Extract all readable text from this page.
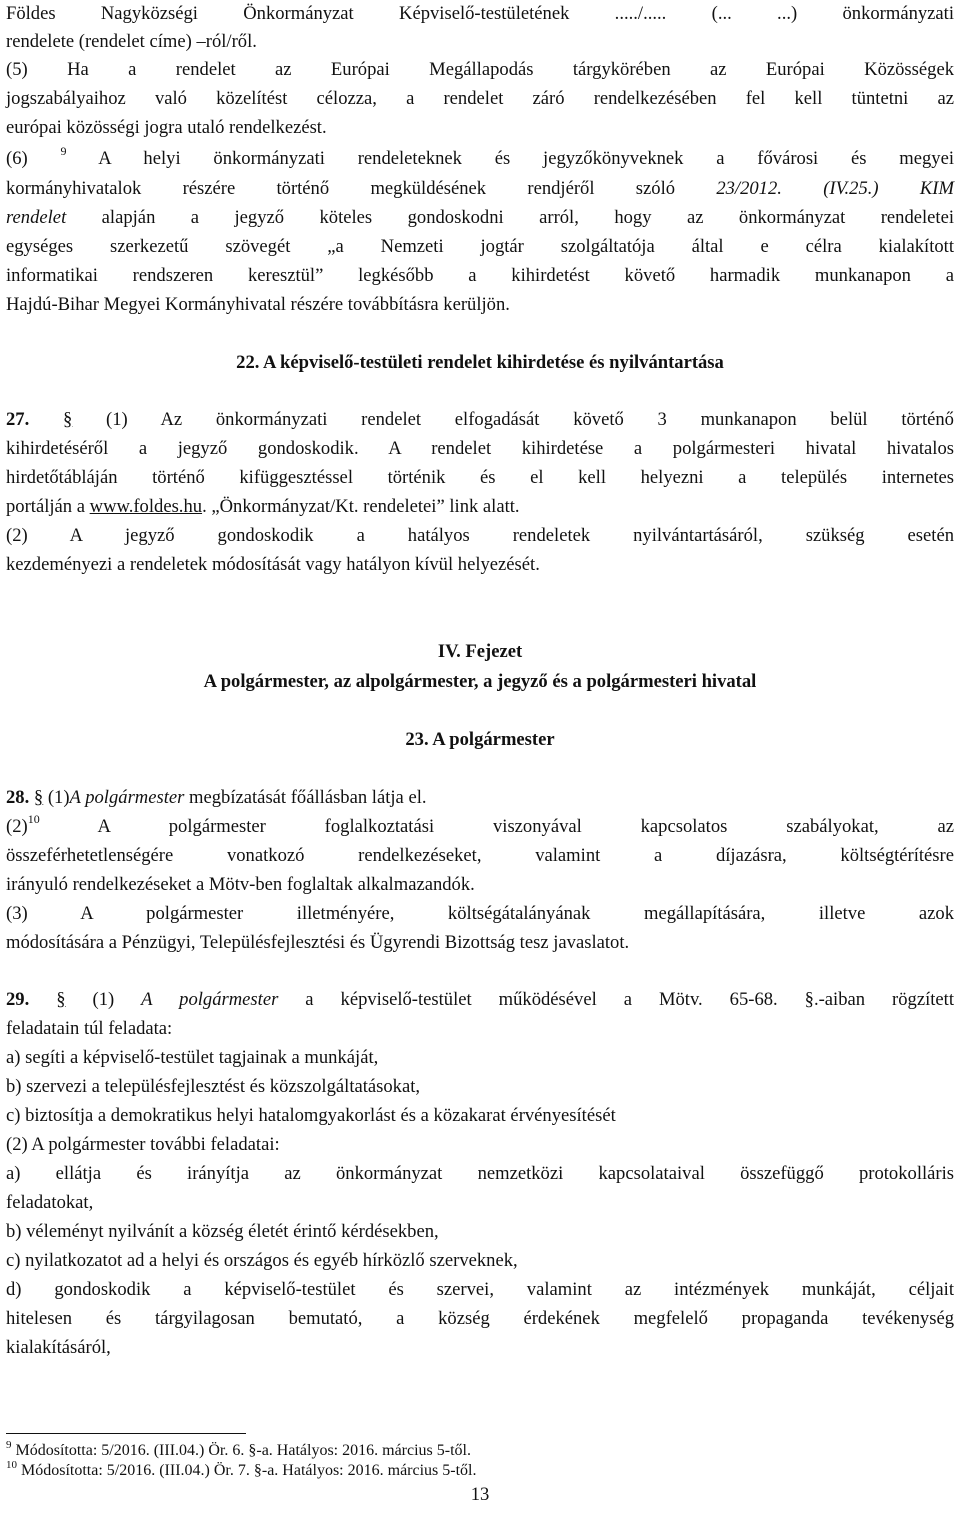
Földes Nagyközségi Önkormányzat Képviselő-testületének ...../..... (... ...) önkormányzati
rendelete (rendelet címe) –ról/ről.
(5) Ha a rendelet az Európai Megállapodás tárgykörében az Európai Közösségek
jogszabályaihoz való közelítést célozza, a rendelet záró rendelkezésében fel kell tüntetni az
európai közösségi jogra utaló rendelkezést.
(6)	$^9$ A helyi önkormányzati rendeleteknek és jegyzőkönyveknek a fővárosi és megyei
kormányhivatalok részére történő megküldésének rendjéről szóló 23/2012. (IV.25.) KIM
rendelet alapján a jegyző köteles gondoskodni arról, hogy az önkormányzat rendeletei
egységes szerkezetű szövegét „a Nemzeti jogtár szolgáltatója által e célra kialakított
informatikai rendszeren keresztül” legkésőbb a kihirdetést követő harmadik munkanapon a
Hajdú-Bihar Megyei Kormányhivatal részére továbbításra kerüljön.
22. A képviselő-testületi rendelet kihirdetése és nyilvántartása
27. § (1) Az önkormányzati rendelet elfogadását követő 3 munkanapon belül történő
kihirdetéséről a jegyző gondoskodik. A rendelet kihirdetése a polgármesteri hivatal hivatalos
hirdetőtábláján történő kifüggesztéssel történik és el kell helyezni a település internetes
portálján a www.foldes.hu. „Önkormányzat/Kt. rendeletei” link alatt.
(2) A jegyző gondoskodik a hatályos rendeletek nyilvántartásáról, szükség esetén
kezdeményezi a rendeletek módosítását vagy hatályon kívül helyezését.
IV. Fejezet
A polgármester, az alpolgármester, a jegyző és a polgármesteri hivatal
23. A polgármester
28. § (1)A polgármester megbízatását főállásban látja el.
$(2)^{10}$	A polgármester foglalkoztatási viszonyával kapcsolatos szabályokat, az
összeférhetetlenségére vonatkozó rendelkezéseket, valamint a díjazásra, költségtérítésre
irányuló rendelkezéseket a Mötv-ben foglaltak alkalmazandók.
(3) A polgármester illetményére, költségátalányának megállapítására, illetve azok
módosítására a Pénzügyi, Településfejlesztési és Ügyrendi Bizottság tesz javaslatot.
29. § (1) A polgármester a képviselő-testület működésével a Mötv. 65-68. §.-aiban rögzített
feladatain túl feladata:
a) segíti a képviselő-testület tagjainak a munkáját,
b) szervezi a településfejlesztést és közszolgáltatásokat,
c) biztosítja a demokratikus helyi hatalomgyakorlást és a közakarat érvényesítését
(2) A polgármester további feladatai:
a) ellátja és irányítja az önkormányzat nemzetközi kapcsolataival összefüggő protokolláris
feladatokat,
b) véleményt nyilvánít a község életét érintő kérdésekben,
c) nyilatkozatot ad a helyi és országos és egyéb hírközlő szerveknek,
d) gondoskodik a képviselő-testület és szervei, valamint az intézmények munkáját, céljait
hitelesen és tárgyilagosan bemutató, a község érdekének megfelelő propaganda tevékenység
kialakításáról,
$^9$ Módosította: 5/2016. (III.04.) Ör. 6. §-a. Hatályos: 2016. március 5-től.
$^{10}$ Módosította: 5/2016. (III.04.) Ör. 7. §-a. Hatályos: 2016. március 5-től.
13
